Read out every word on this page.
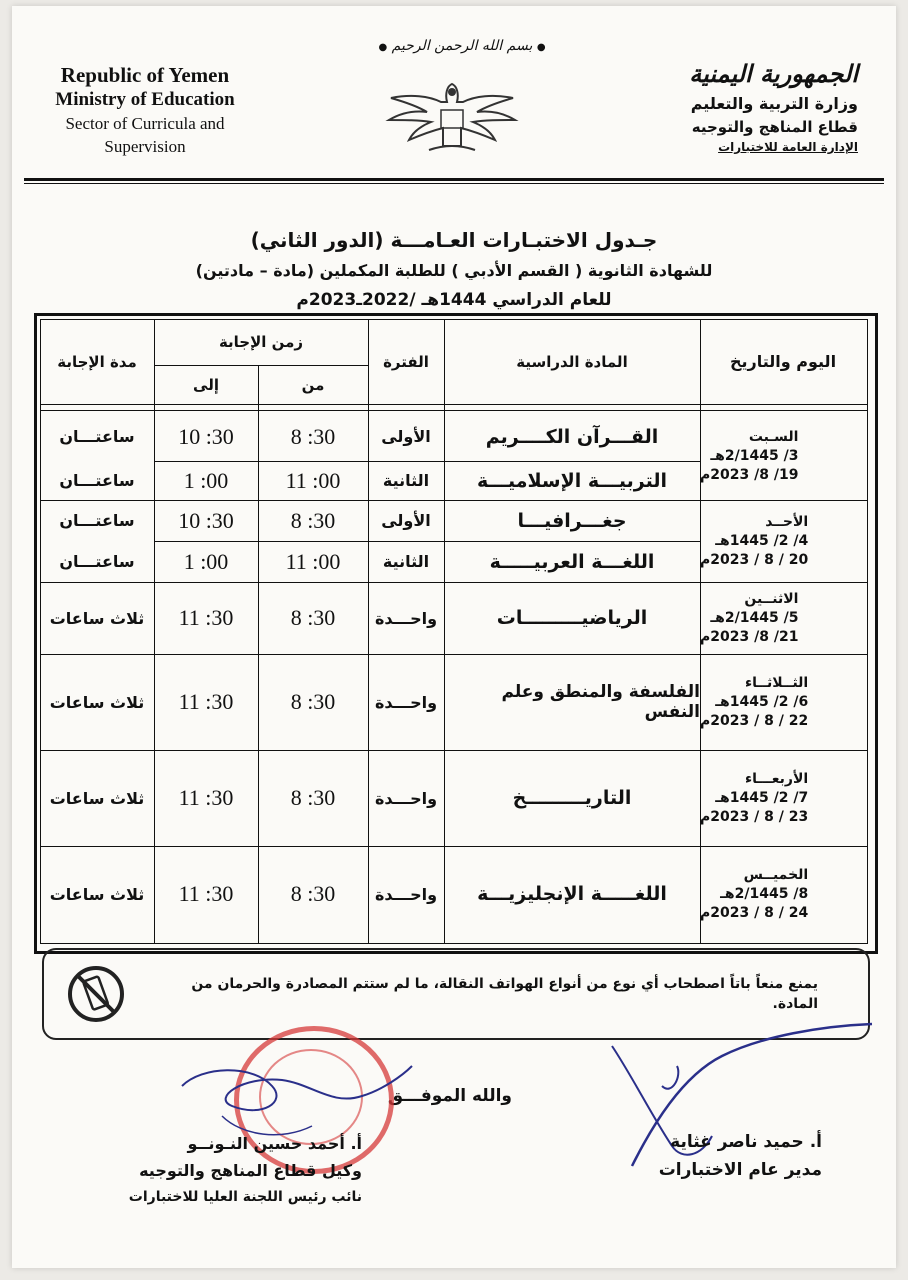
Republic of Yemen
Ministry of Education
Sector of Curricula and
Supervision
● بسم الله الرحمن الرحيم ●
الجمهورية اليمنية
وزارة التربية والتعليم
قطاع المناهج والتوجيه
الإدارة العامة للاختبارات
جـدول الاختبـارات العـامـــة (الدور الثاني)
للشهادة الثانوية ( القسم الأدبي ) للطلبة المكملين (مادة – مادتين)
للعام الدراسي 1444هـ /2022ـ2023م
اليوم والتاريخ
المادة الدراسية
الفترة
زمن الإجابة
من
إلى
مدة الإجابة
السـبت
3/ 2/1445هـ
19/ 8/ 2023م
الأحــد
4/ 2/ 1445هـ
20 / 8 / 2023م
الاثنــين
5/ 2/1445هـ
21/ 8/ 2023م
الثــلاثــاء
6/ 2/ 1445هـ
22 / 8 / 2023م
الأربعـــاء
7/ 2/ 1445هـ
23 / 8 / 2023م
الخميــس
8/ 2/1445هـ
24 / 8 / 2023م
القـــرآن الكــــريم
الأولى
8 :30
10 :30
ساعتـــان
التربيـــة الإسلاميـــة
الثانية
11 :00
1 :00
ساعتـــان
جغـــرافيـــا
الأولى
8 :30
10 :30
ساعتـــان
اللغـــة العربيـــــة
الثانية
11 :00
1 :00
ساعتـــان
الرياضيـــــــــات
واحـــدة
8 :30
11 :30
ثلاث ساعات
الفلسفة والمنطق وعلم النفس
واحـــدة
8 :30
11 :30
ثلاث ساعات
التاريـــــــــخ
واحـــدة
8 :30
11 :30
ثلاث ساعات
اللغـــــة الإنجليزيـــة
واحـــدة
8 :30
11 :30
ثلاث ساعات
يمنع منعاً باتاً اصطحاب أي نوع من أنواع الهواتف النقالة، ما لم ستتم المصادرة والحرمان من المادة.
والله الموفـــق
أ. حميد ناصر غثاية
مدير عام الاختبارات
أ. أحمد حسين النـونــو
وكيل قطاع المناهج والتوجيه
نائب رئيس اللجنة العليا للاختبارات
